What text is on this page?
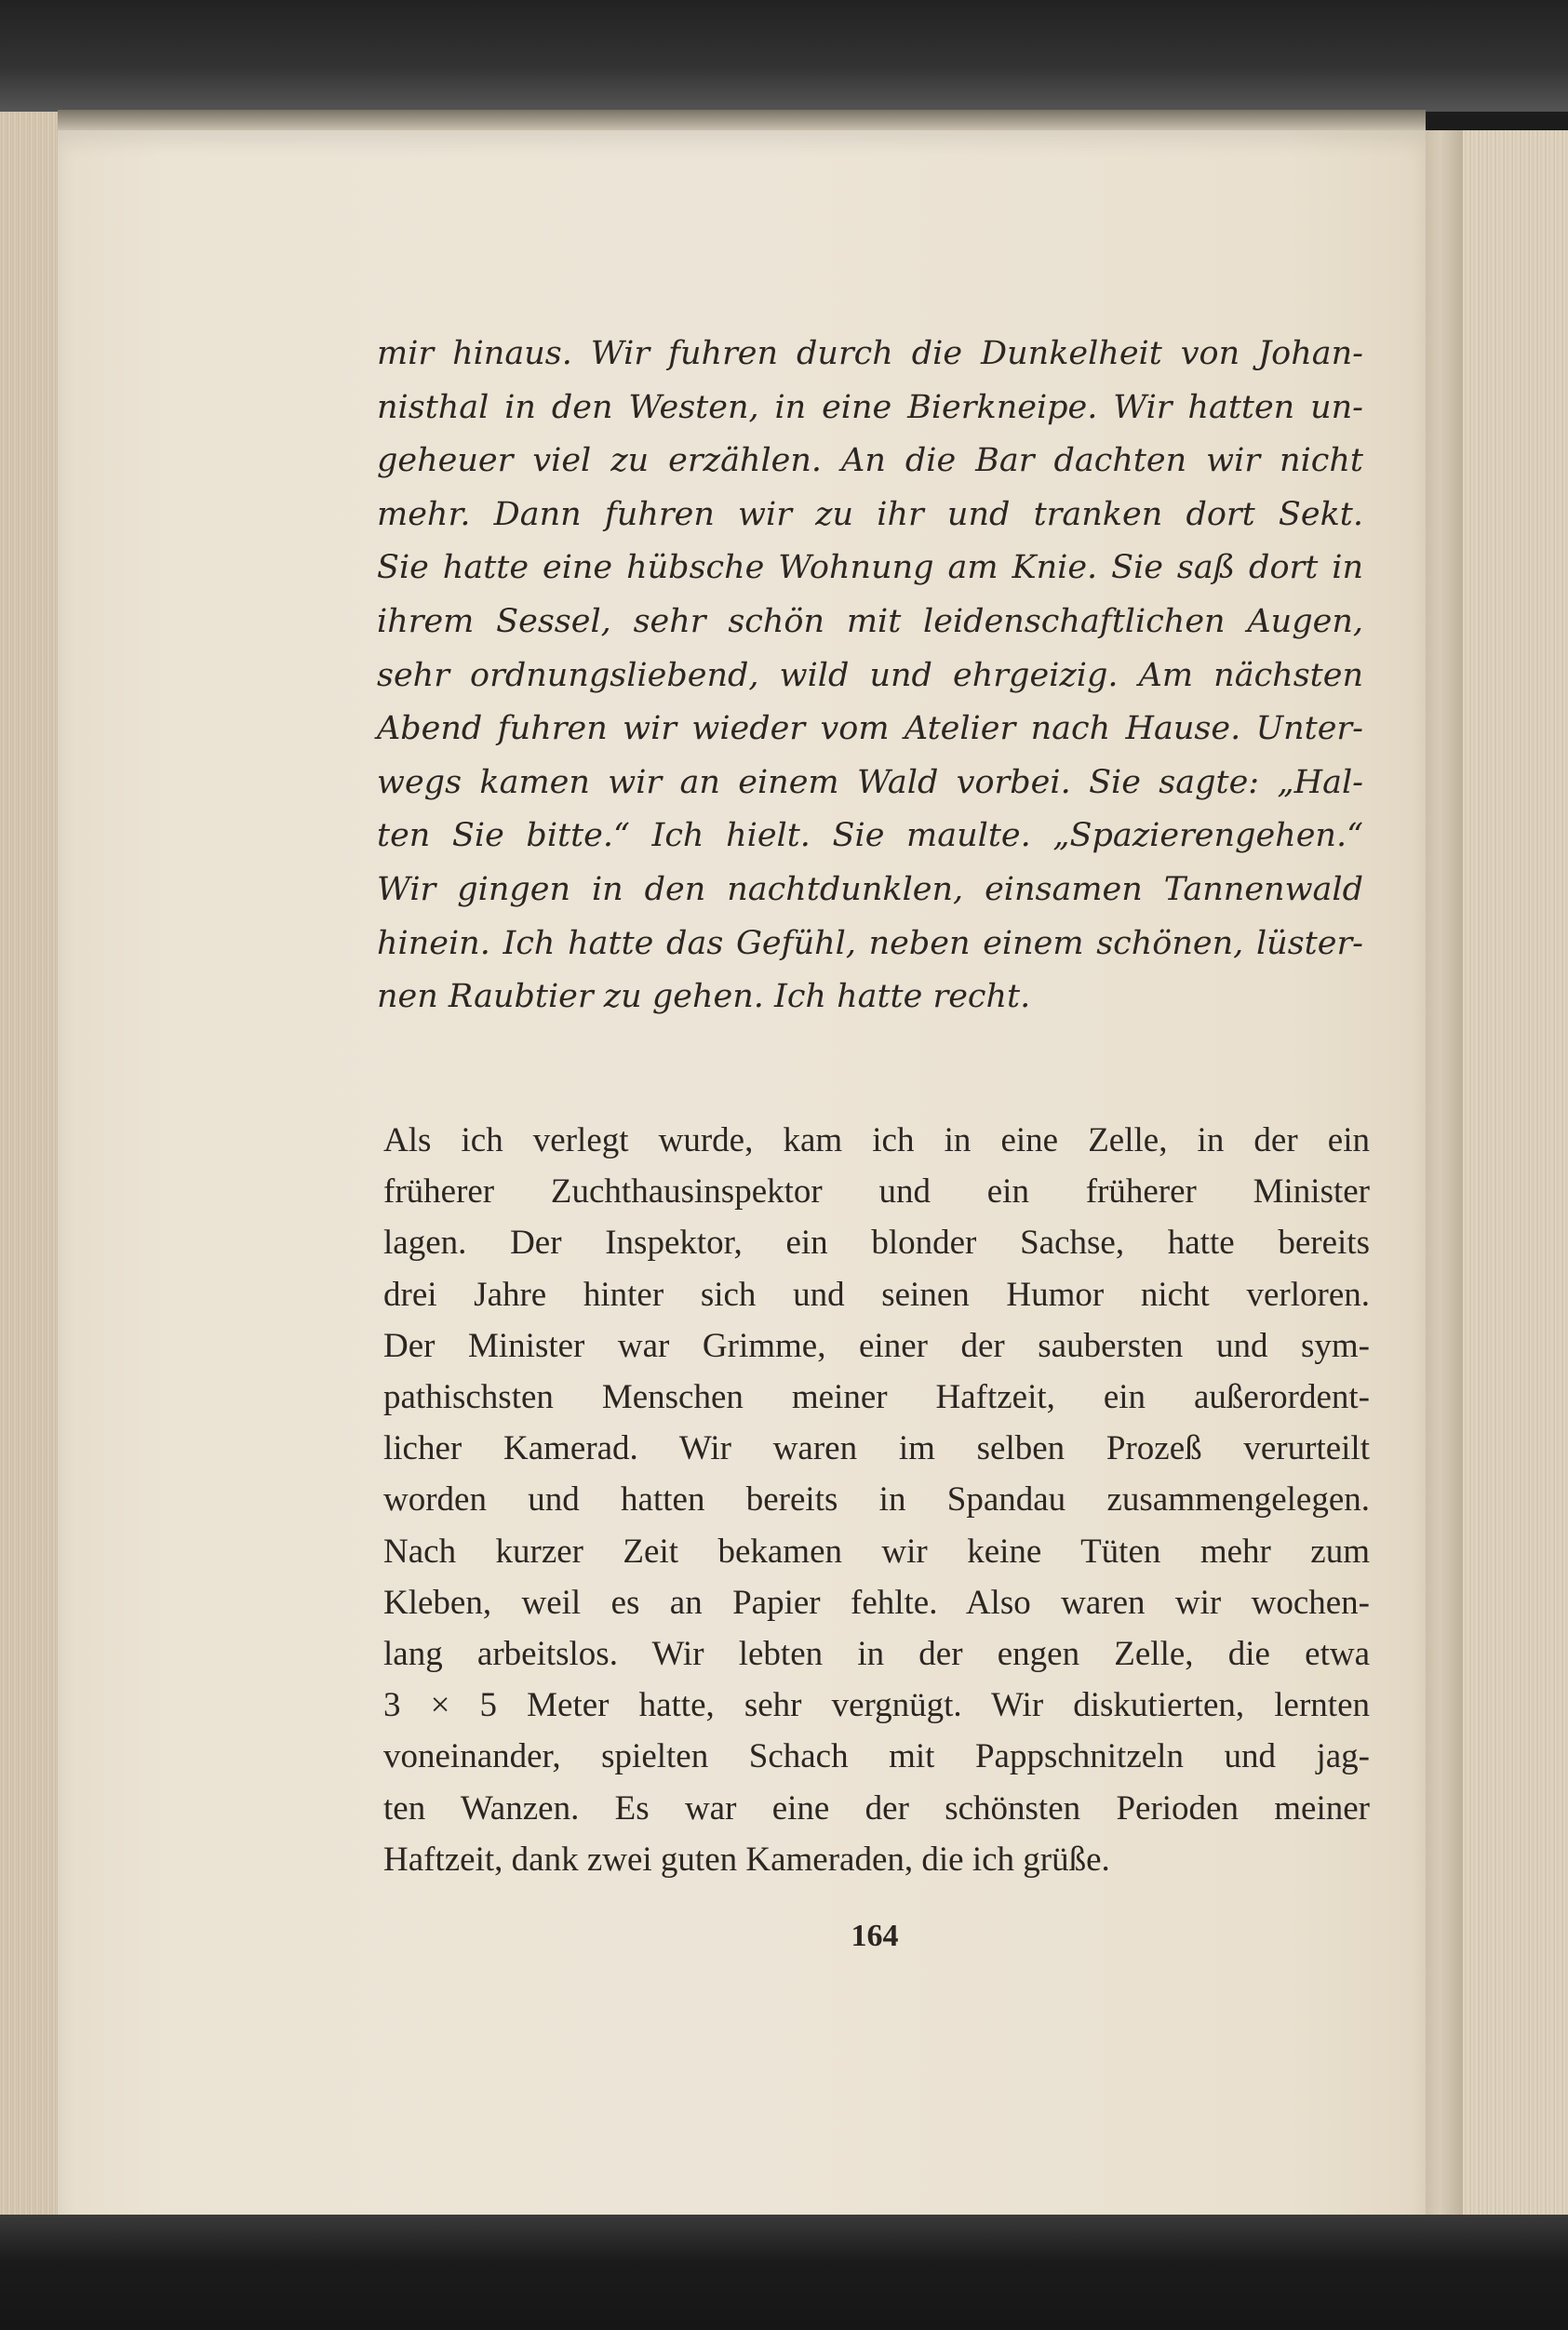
mir hinaus. Wir fuhren durch die Dunkelheit von Johan-
nisthal in den Westen, in eine Bierkneipe. Wir hatten un-
geheuer viel zu erzählen. An die Bar dachten wir nicht
mehr. Dann fuhren wir zu ihr und tranken dort Sekt.
Sie hatte eine hübsche Wohnung am Knie. Sie saß dort in
ihrem Sessel, sehr schön mit leidenschaftlichen Augen,
sehr ordnungsliebend, wild und ehrgeizig. Am nächsten
Abend fuhren wir wieder vom Atelier nach Hause. Unter-
wegs kamen wir an einem Wald vorbei. Sie sagte: „Hal-
ten Sie bitte.“ Ich hielt. Sie maulte. „Spazierengehen.“
Wir gingen in den nachtdunklen, einsamen Tannenwald
hinein. Ich hatte das Gefühl, neben einem schönen, lüster-
nen Raubtier zu gehen. Ich hatte recht.
Als ich verlegt wurde, kam ich in eine Zelle, in der ein
früherer Zuchthausinspektor und ein früherer Minister
lagen. Der Inspektor, ein blonder Sachse, hatte bereits
drei Jahre hinter sich und seinen Humor nicht verloren.
Der Minister war Grimme, einer der saubersten und sym-
pathischsten Menschen meiner Haftzeit, ein außerordent-
licher Kamerad. Wir waren im selben Prozeß verurteilt
worden und hatten bereits in Spandau zusammengelegen.
Nach kurzer Zeit bekamen wir keine Tüten mehr zum
Kleben, weil es an Papier fehlte. Also waren wir wochen-
lang arbeitslos. Wir lebten in der engen Zelle, die etwa
3 × 5 Meter hatte, sehr vergnügt. Wir diskutierten, lernten
voneinander, spielten Schach mit Pappschnitzeln und jag-
ten Wanzen. Es war eine der schönsten Perioden meiner
Haftzeit, dank zwei guten Kameraden, die ich grüße.
164
